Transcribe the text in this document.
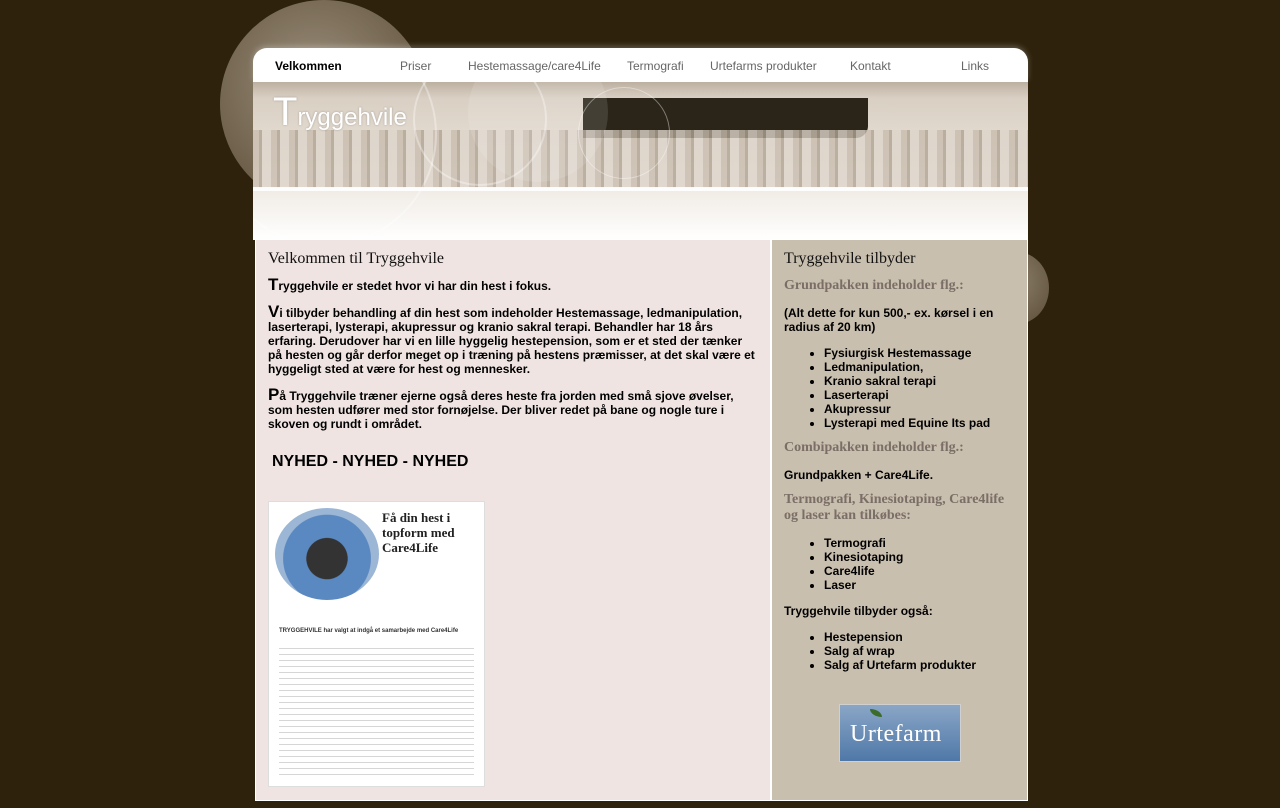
Velkommen	Priser	Hestemassage/care4Life Termografi Urtefarms produkter	Kontakt	Links
Tryggehvile
Velkommen til Tryggehvile

Tryggehvile er stedet hvor vi har din hest i fokus.

Vi tilbyder behandling af din hest som indeholder Hestemassage, ledmanipulation, laserterapi, lysterapi, akupressur og kranio sakral terapi. Behandler har 18 års erfaring. Derudover har vi en lille hyggelig hestepension, som er et sted der tænker på hesten og går derfor meget op i træning på hestens præmisser, at det skal være et hyggeligt sted at være for hest og mennesker.

På Tryggehvile træner ejerne også deres heste fra jorden med små sjove øvelser, som hesten udfører med stor fornøjelse. Der bliver redet på bane og nogle ture i skoven og rundt i området.

NYHED - NYHED - NYHED
Få din hest i topform med Care4Life
TRYGGEHVILE har valgt at indgå et samarbejde med Care4Life
Tryggehvile tilbyder
Grundpakken indeholder flg.:

(Alt dette for kun 500,- ex. kørsel i en radius af 20 km)

• Fysiurgisk Hestemassage
• Ledmanipulation,
• Kranio sakral terapi
• Laserterapi
• Akupressur
• Lysterapi med Equine Its pad
Combipakken indeholder flg.:

Grundpakken + Care4Life.

Termografi, Kinesiotaping, Care4life og laser kan tilkøbes:
• Termografi
• Kinesiotaping
• Care4life
• Laser

Tryggehvile tilbyder også:

• Hestepension
• Salg af wrap
• Salg af Urtefarm produkter
Urtefarm
